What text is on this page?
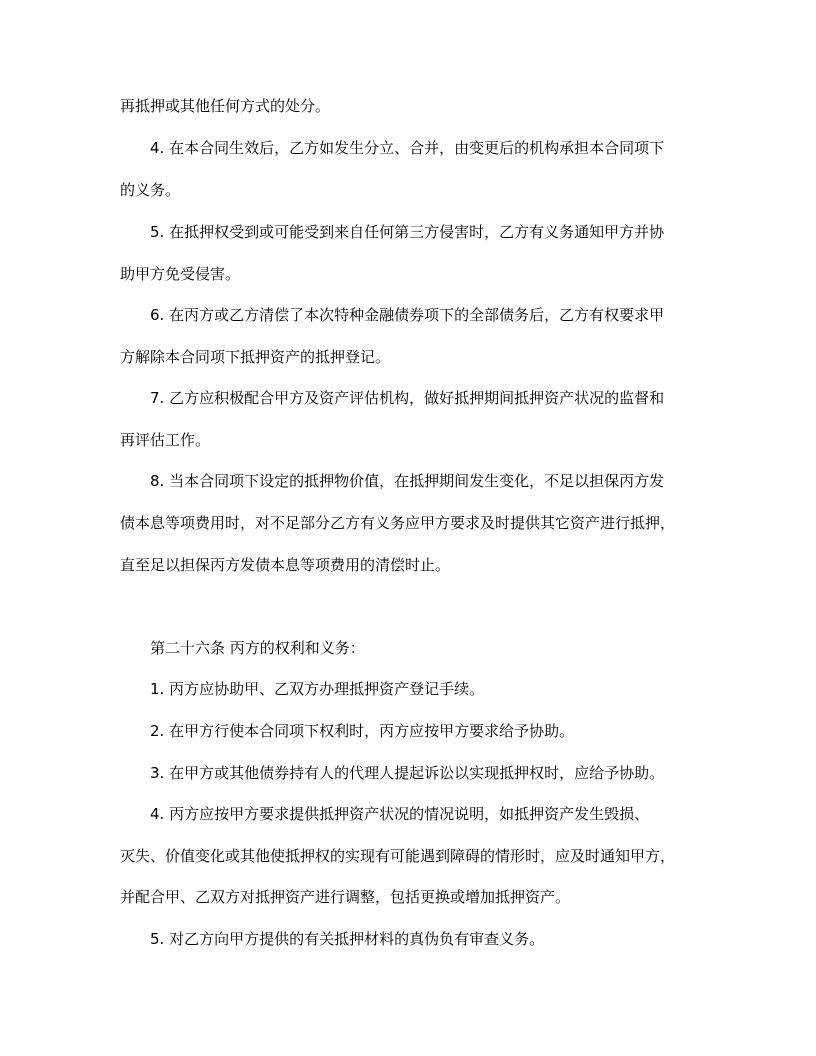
再抵押或其他任何方式的处分。
4. 在本合同生效后，乙方如发生分立、合并，由变更后的机构承担本合同项下
的义务。
5. 在抵押权受到或可能受到来自任何第三方侵害时，乙方有义务通知甲方并协
助甲方免受侵害。
6. 在丙方或乙方清偿了本次特种金融债券项下的全部债务后，乙方有权要求甲
方解除本合同项下抵押资产的抵押登记。
7. 乙方应积极配合甲方及资产评估机构，做好抵押期间抵押资产状况的监督和
再评估工作。
8. 当本合同项下设定的抵押物价值，在抵押期间发生变化，不足以担保丙方发
债本息等项费用时，对不足部分乙方有义务应甲方要求及时提供其它资产进行抵押，
直至足以担保丙方发债本息等项费用的清偿时止。
第二十六条 丙方的权利和义务：
1. 丙方应协助甲、乙双方办理抵押资产登记手续。
2. 在甲方行使本合同项下权利时，丙方应按甲方要求给予协助。
3. 在甲方或其他债券持有人的代理人提起诉讼以实现抵押权时，应给予协助。
4. 丙方应按甲方要求提供抵押资产状况的情况说明，如抵押资产发生毁损、
灭失、价值变化或其他使抵押权的实现有可能遇到障碍的情形时，应及时通知甲方，
并配合甲、乙双方对抵押资产进行调整，包括更换或增加抵押资产。
5. 对乙方向甲方提供的有关抵押材料的真伪负有审查义务。
